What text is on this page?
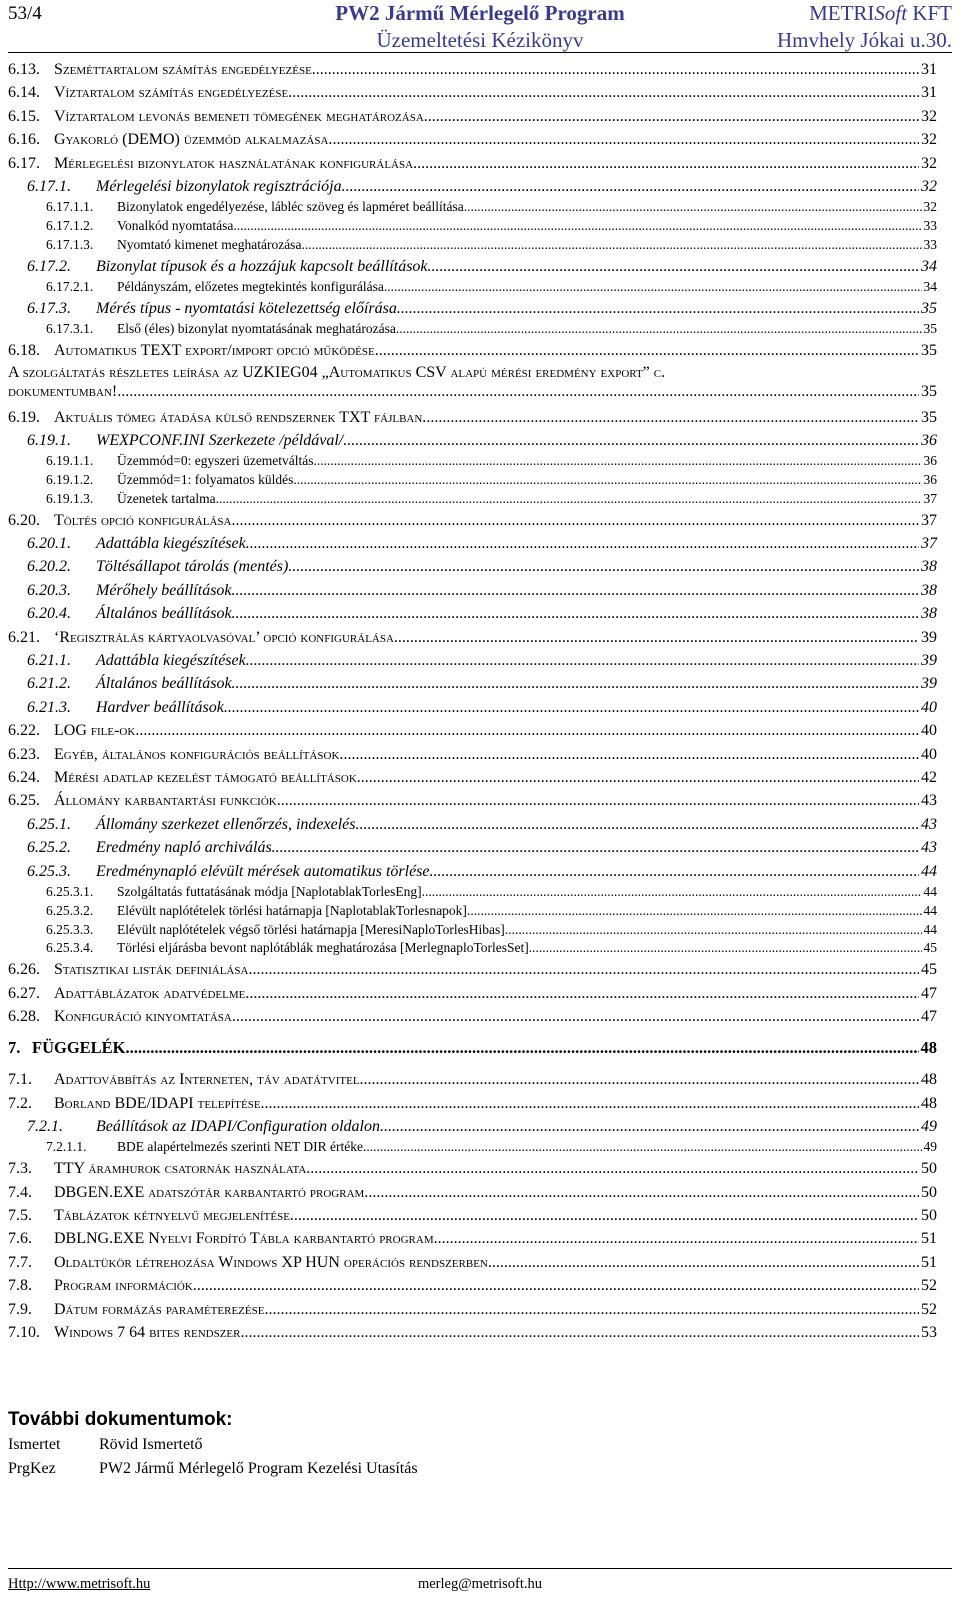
53/4	PW2 Jármű Mérlegelő Program
Üzemeltetési Kézikönyv
METRISoft KFT
Hmvhely Jókai u.30.
6.13. Szeméttartalom számítás engedélyezése. .....	31
6.14. Víztartalom számítás engedélyezése. .....	31
6.15. Víztartalom levonás bemeneti tömegének meghatározása. .....	32
6.16. Gyakorló (DEMO) üzemmód alkalmazása. .....	32
6.17. Mérlegelési bizonylatok használatának konfigurálása. .....	32
6.17.1.	Mérlegelési bizonylatok regisztrációja .....	32
6.17.1.1.	Bizonylatok engedélyezése, lábléc szöveg és lapméret beállítása .....	32
6.17.1.2.	Vonalkód nyomtatása .....	33
6.17.1.3.	Nyomtató kimenet meghatározása .....	33
6.17.2.	Bizonylat típusok és a hozzájuk kapcsolt beállítások .....	34
6.17.2.1.	Példányszám, előzetes megtekintés konfigurálása .....	34
6.17.3.	Mérés típus - nyomtatási kötelezettség előírása .....	35
6.17.3.1.	Első (éles) bizonylat nyomtatásának meghatározása .....	35
6.18. Automatikus TEXT export/import opció működése. .....	35
A szolgáltatás részletes leírása az UZKIEG04 „Automatikus CSV alapú mérési eredmény export” c.
dokumentumban! .....	35
6.19. Aktuális tömeg átadása külső rendszernek TXT fájlban. .....	35
6.19.1.	WEXPCONF.INI Szerkezete /példával/ .....	36
6.19.1.1.	Üzemmód=0: egyszeri üzemetváltás .....	36
6.19.1.2.	Üzemmód=1: folyamatos küldés .....	36
6.19.1.3.	Üzenetek tartalma .....	37
6.20. Töltés opció konfigurálása. .....	37
6.20.1.	Adattábla kiegészítések .....	37
6.20.2.	Töltésállapot tárolás (mentés) .....	38
6.20.3.	Mérőhely beállítások .....	38
6.20.4.	Általános beállítások .....	38
6.21. ‘Regisztrálás kártyaolvasóval’ opció konfigurálása. .....	39
6.21.1.	Adattábla kiegészítések .....	39
6.21.2.	Általános beállítások .....	39
6.21.3.	Hardver beállítások .....	40
6.22. LOG file-ok. .....	40
6.23. Egyéb, általános konfigurációs beállítások. .....	40
6.24. Mérési adatlap kezelést támogató beállítások. .....	42
6.25. Állomány karbantartási funkciók. .....	43
6.25.1.	Állomány szerkezet ellenőrzés, indexelés .....	43
6.25.2.	Eredmény napló archiválás .....	43
6.25.3.	Eredménynapló elévült mérések automatikus törlése .....	44
6.25.3.1.	Szolgáltatás futtatásának módja [NaplotablakTorlesEng] .....	44
6.25.3.2.	Elévült naplótételek törlési határnapja [NaplotablakTorlesnapok] .....	44
6.25.3.3.	Elévült naplótételek végső törlési határnapja [MeresiNaploTorlesHibas] .....	44
6.25.3.4.	Törlési eljárásba bevont naplótáblák meghatározása [MerlegnaploTorlesSet] .....	45
6.26. Statisztikai listák definiálása. .....	45
6.27. Adattáblázatok adatvédelme. .....	47
6.28. Konfiguráció kinyomtatása. .....	47
7. FÜGGELÉK. .....	48
7.1.	Adattovábbítás az Interneten, táv adatátvitel. .....	48
7.2.	Borland BDE/IDAPI telepítése. .....	48
7.2.1.	Beállítások az IDAPI/Configuration oldalon .....	49
7.2.1.1.	BDE alapértelmezés szerinti NET DIR értéke .....	49
7.3.	TTY áramhurok csatornák használata. .....	50
7.4.	DBGEN.EXE adatszótár karbantartó program. .....	50
7.5.	Táblázatok kétnyelvű megjelenítése. .....	50
7.6.	DBLNG.EXE Nyelvi Fordító Tábla karbantartó program. .....	51
7.7.	Oldaltükör létrehozása Windows XP HUN operációs rendszerben. .....	51
7.8.	Program információk. .....	52
7.9.	Dátum formázás paraméterezése. .....	52
7.10. Windows 7 64 bites rendszer. .....	53
További dokumentumok:
Ismertet Rövid Ismertető
PrgKez	PW2 Jármű Mérlegelő Program Kezelési Utasítás
Http://www.metrisoft.hu	merleg@metrisoft.hu
